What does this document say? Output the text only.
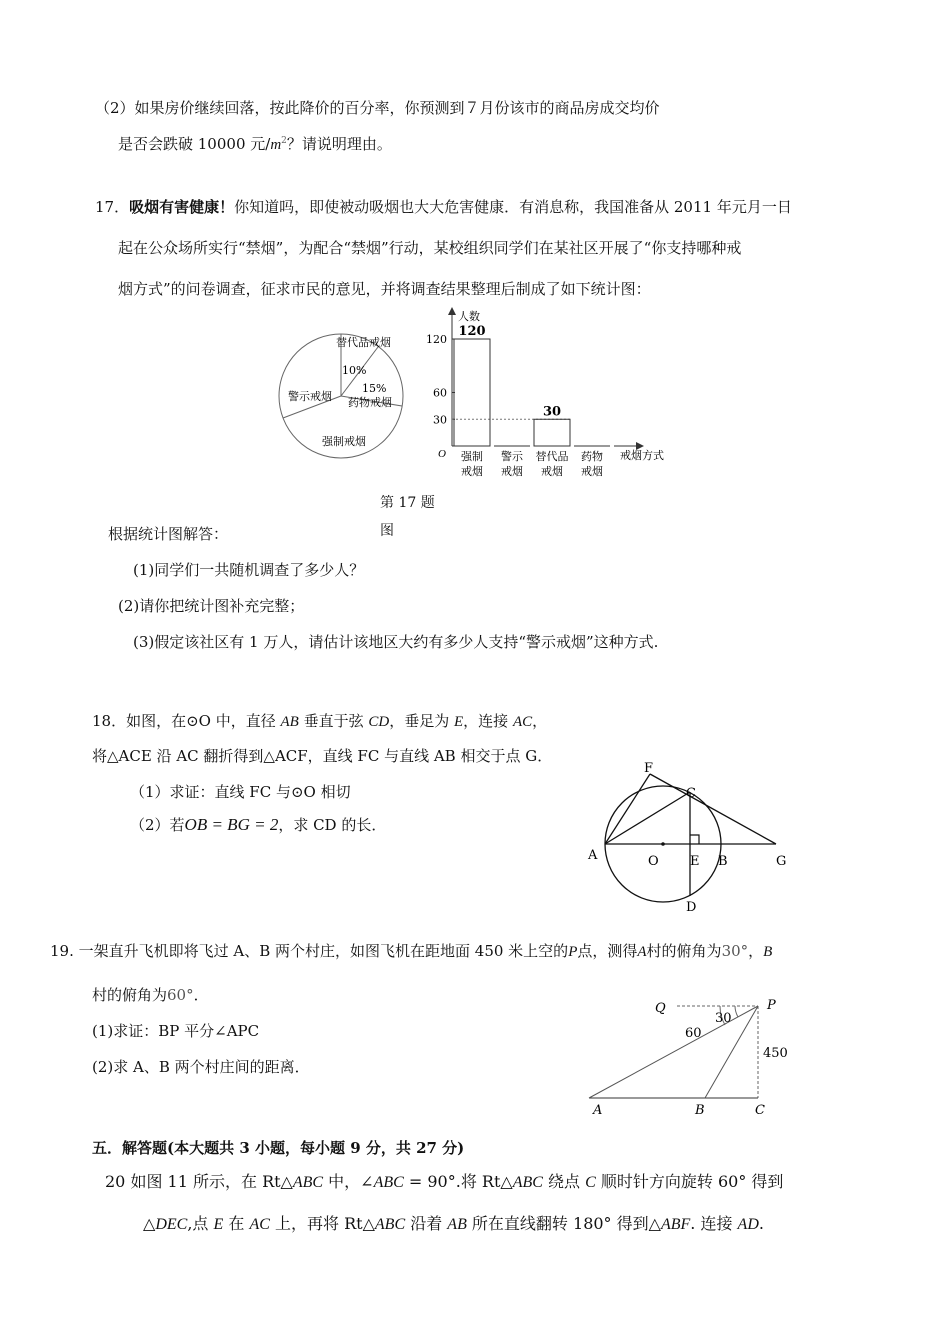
（2）如果房价继续回落，按此降价的百分率，你预测到７月份该市的商品房成交均价
是否会跌破 10000 元$/m^2$？请说明理由。
17．吸烟有害健康！你知道吗，即使被动吸烟也大大危害健康．有消息称，我国准备从 2011 年元月一日
起在公众场所实行“禁烟”，为配合“禁烟”行动，某校组织同学们在某社区开展了“你支持哪种戒
烟方式”的问卷调查，征求市民的意见，并将调查结果整理后制成了如下统计图：
替代品戒烟
10%
15%
药物戒烟
警示戒烟
强制戒烟
人数
戒烟方式
O
30
60
120
120
30
强制
戒烟
警示
戒烟
替代品
戒烟
药物
戒烟
第 17 题
图
根据统计图解答：
(1)同学们一共随机调查了多少人？
(2)请你把统计图补充完整；
(3)假定该社区有 1 万人，请估计该地区大约有多少人支持“警示戒烟”这种方式.
18．如图，在⊙O 中，直径 AB 垂直于弦 CD，垂足为 E，连接 AC，
将△ACE 沿 AC 翻折得到△ACF，直线 FC 与直线 AB 相交于点 G．
（1）求证：直线 FC 与⊙O 相切
（2）若OB = BG = 2，求 CD 的长．
F
C
A	O E B	G
D
19. 一架直升飞机即将飞过 A、B 两个村庄，如图飞机在距地面 450 米上空的P点，测得A村的俯角为30°，B
村的俯角为60°．
(1)求证：BP 平分∠APC
(2)求 A、B 两个村庄间的距离．
Q	P
30
60
450
A	B	C
五．解答题(本大题共 3 小题，每小题 9 分，共 27 分)
20 如图 11 所示，在 Rt△ABC 中，∠ABC = 90°.将 Rt△ABC 绕点 C 顺时针方向旋转 60° 得到
△DEC,点 E 在 AC 上，再将 Rt△ABC 沿着 AB 所在直线翻转 180° 得到△ABF. 连接 AD.
